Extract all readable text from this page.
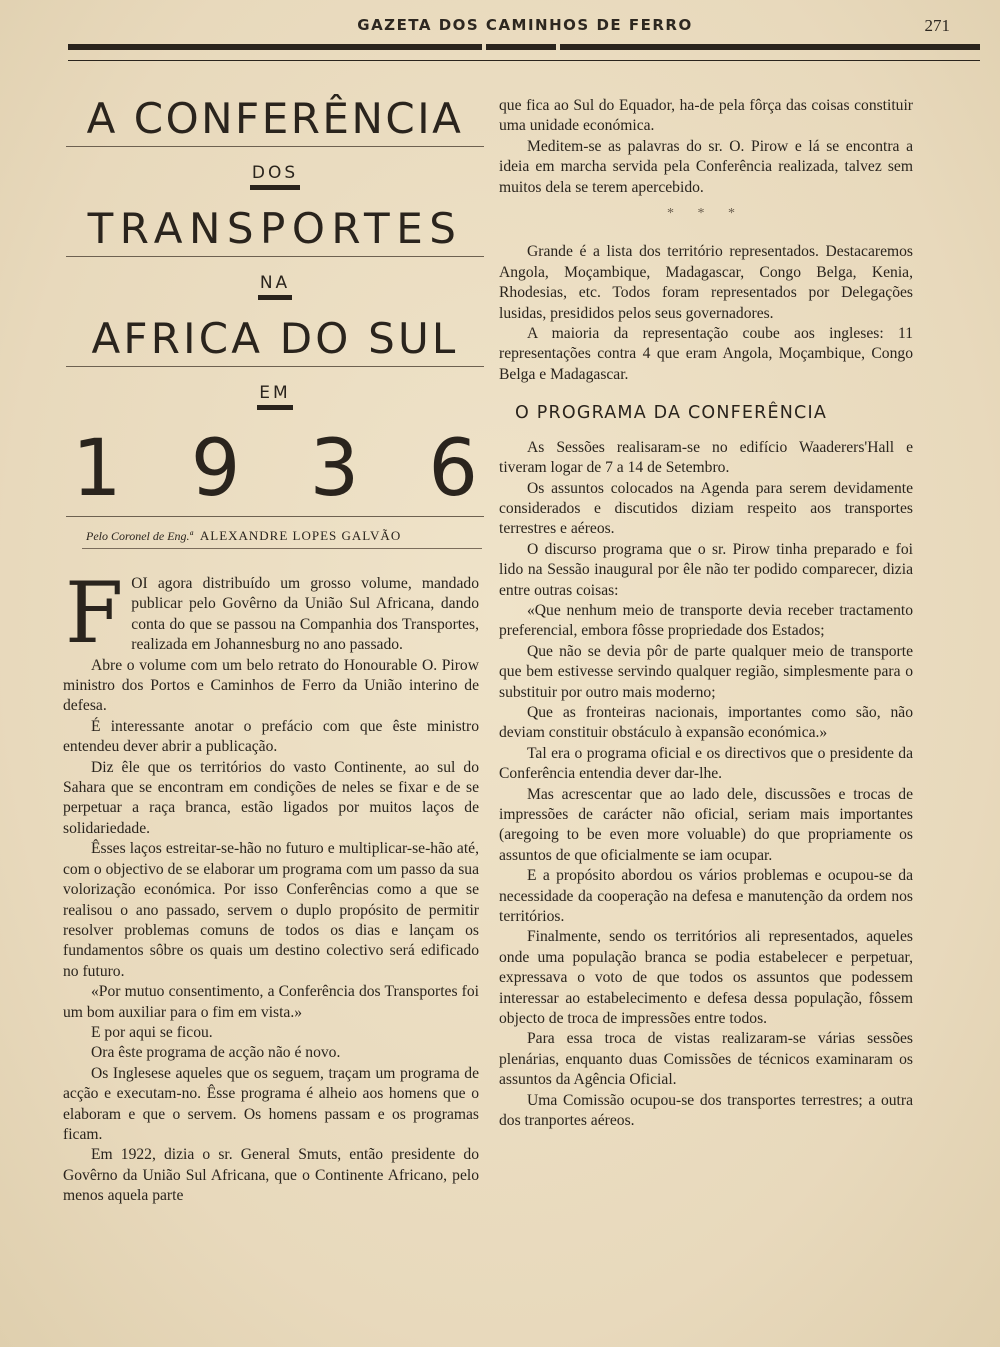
GAZETA DOS CAMINHOS DE FERRO	271
A CONFERÊNCIA
DOS
TRANSPORTES
NA
AFRICA DO SUL
EM
1 9 3 6
Pelo Coronel de Eng.ª ALEXANDRE LOPES GALVÃO

FOI agora distribuído um grosso volume, mandado publicar pelo Govêrno da União Sul Africana, dando conta do que se passou na Companhia dos Transportes, realizada em Johannesburg no ano passado.

Abre o volume com um belo retrato do Honourable O. Pirow ministro dos Portos e Caminhos de Ferro da União interino de defesa.

É interessante anotar o prefácio com que êste ministro entendeu dever abrir a publicação.

Diz êle que os territórios do vasto Continente, ao sul do Sahara que se encontram em condições de neles se fixar e de se perpetuar a raça branca, estão ligados por muitos laços de solidariedade.

Êsses laços estreitar-se-hão no futuro e multiplicar-se-hão até, com o objectivo de se elaborar um programa com um passo da sua volorização económica. Por isso Conferências como a que se realisou o ano passado, servem o duplo propósito de permitir resolver problemas comuns de todos os dias e lançam os fundamentos sôbre os quais um destino colectivo será edificado no futuro.

«Por mutuo consentimento, a Conferência dos Transportes foi um bom auxiliar para o fim em vista.»

E por aqui se ficou.

Ora êste programa de acção não é novo.

Os Inglesese aqueles que os seguem, traçam um programa de acção e executam-no. Êsse programa é alheio aos homens que o elaboram e que o servem. Os homens passam e os programas ficam.

Em 1922, dizia o sr. General Smuts, então presidente do Govêrno da União Sul Africana, que o Continente Africano, pelo menos aquela parte

que fica ao Sul do Equador, ha-de pela fôrça das coisas constituir uma unidade económica.

Meditem-se as palavras do sr. O. Pirow e lá se encontra a ideia em marcha servida pela Conferência realizada, talvez sem muitos dela se terem apercebido.

* * *

Grande é a lista dos território representados. Destacaremos Angola, Moçambique, Madagascar, Congo Belga, Kenia, Rhodesias, etc. Todos foram representados por Delegações lusidas, presididos pelos seus governadores.

A maioria da representação coube aos ingleses: 11 representações contra 4 que eram Angola, Moçambique, Congo Belga e Madagascar.

O PROGRAMA DA CONFERÊNCIA

As Sessões realisaram-se no edifício Waaderers'Hall e tiveram logar de 7 a 14 de Setembro.

Os assuntos colocados na Agenda para serem devidamente considerados e discutidos diziam respeito aos transportes terrestres e aéreos.

O discurso programa que o sr. Pirow tinha preparado e foi lido na Sessão inaugural por êle não ter podido comparecer, dizia entre outras coisas:

«Que nenhum meio de transporte devia receber tractamento preferencial, embora fôsse propriedade dos Estados;

Que não se devia pôr de parte qualquer meio de transporte que bem estivesse servindo qualquer região, simplesmente para o substituir por outro mais moderno;

Que as fronteiras nacionais, importantes como são, não deviam constituir obstáculo à expansão económica.»

Tal era o programa oficial e os directivos que o presidente da Conferência entendia dever dar-lhe.

Mas acrescentar que ao lado dele, discussões e trocas de impressões de carácter não oficial, seriam mais importantes (aregoing to be even more voluable) do que propriamente os assuntos de que oficialmente se iam ocupar.

E a propósito abordou os vários problemas e ocupou-se da necessidade da cooperação na defesa e manutenção da ordem nos territórios.

Finalmente, sendo os territórios ali representados, aqueles onde uma população branca se podia estabelecer e perpetuar, expressava o voto de que todos os assuntos que podessem interessar ao estabelecimento e defesa dessa população, fôssem objecto de troca de impressões entre todos.

Para essa troca de vistas realizaram-se várias sessões plenárias, enquanto duas Comissões de técnicos examinaram os assuntos da Agência Oficial.

Uma Comissão ocupou-se dos transportes terrestres; a outra dos tranportes aéreos.
